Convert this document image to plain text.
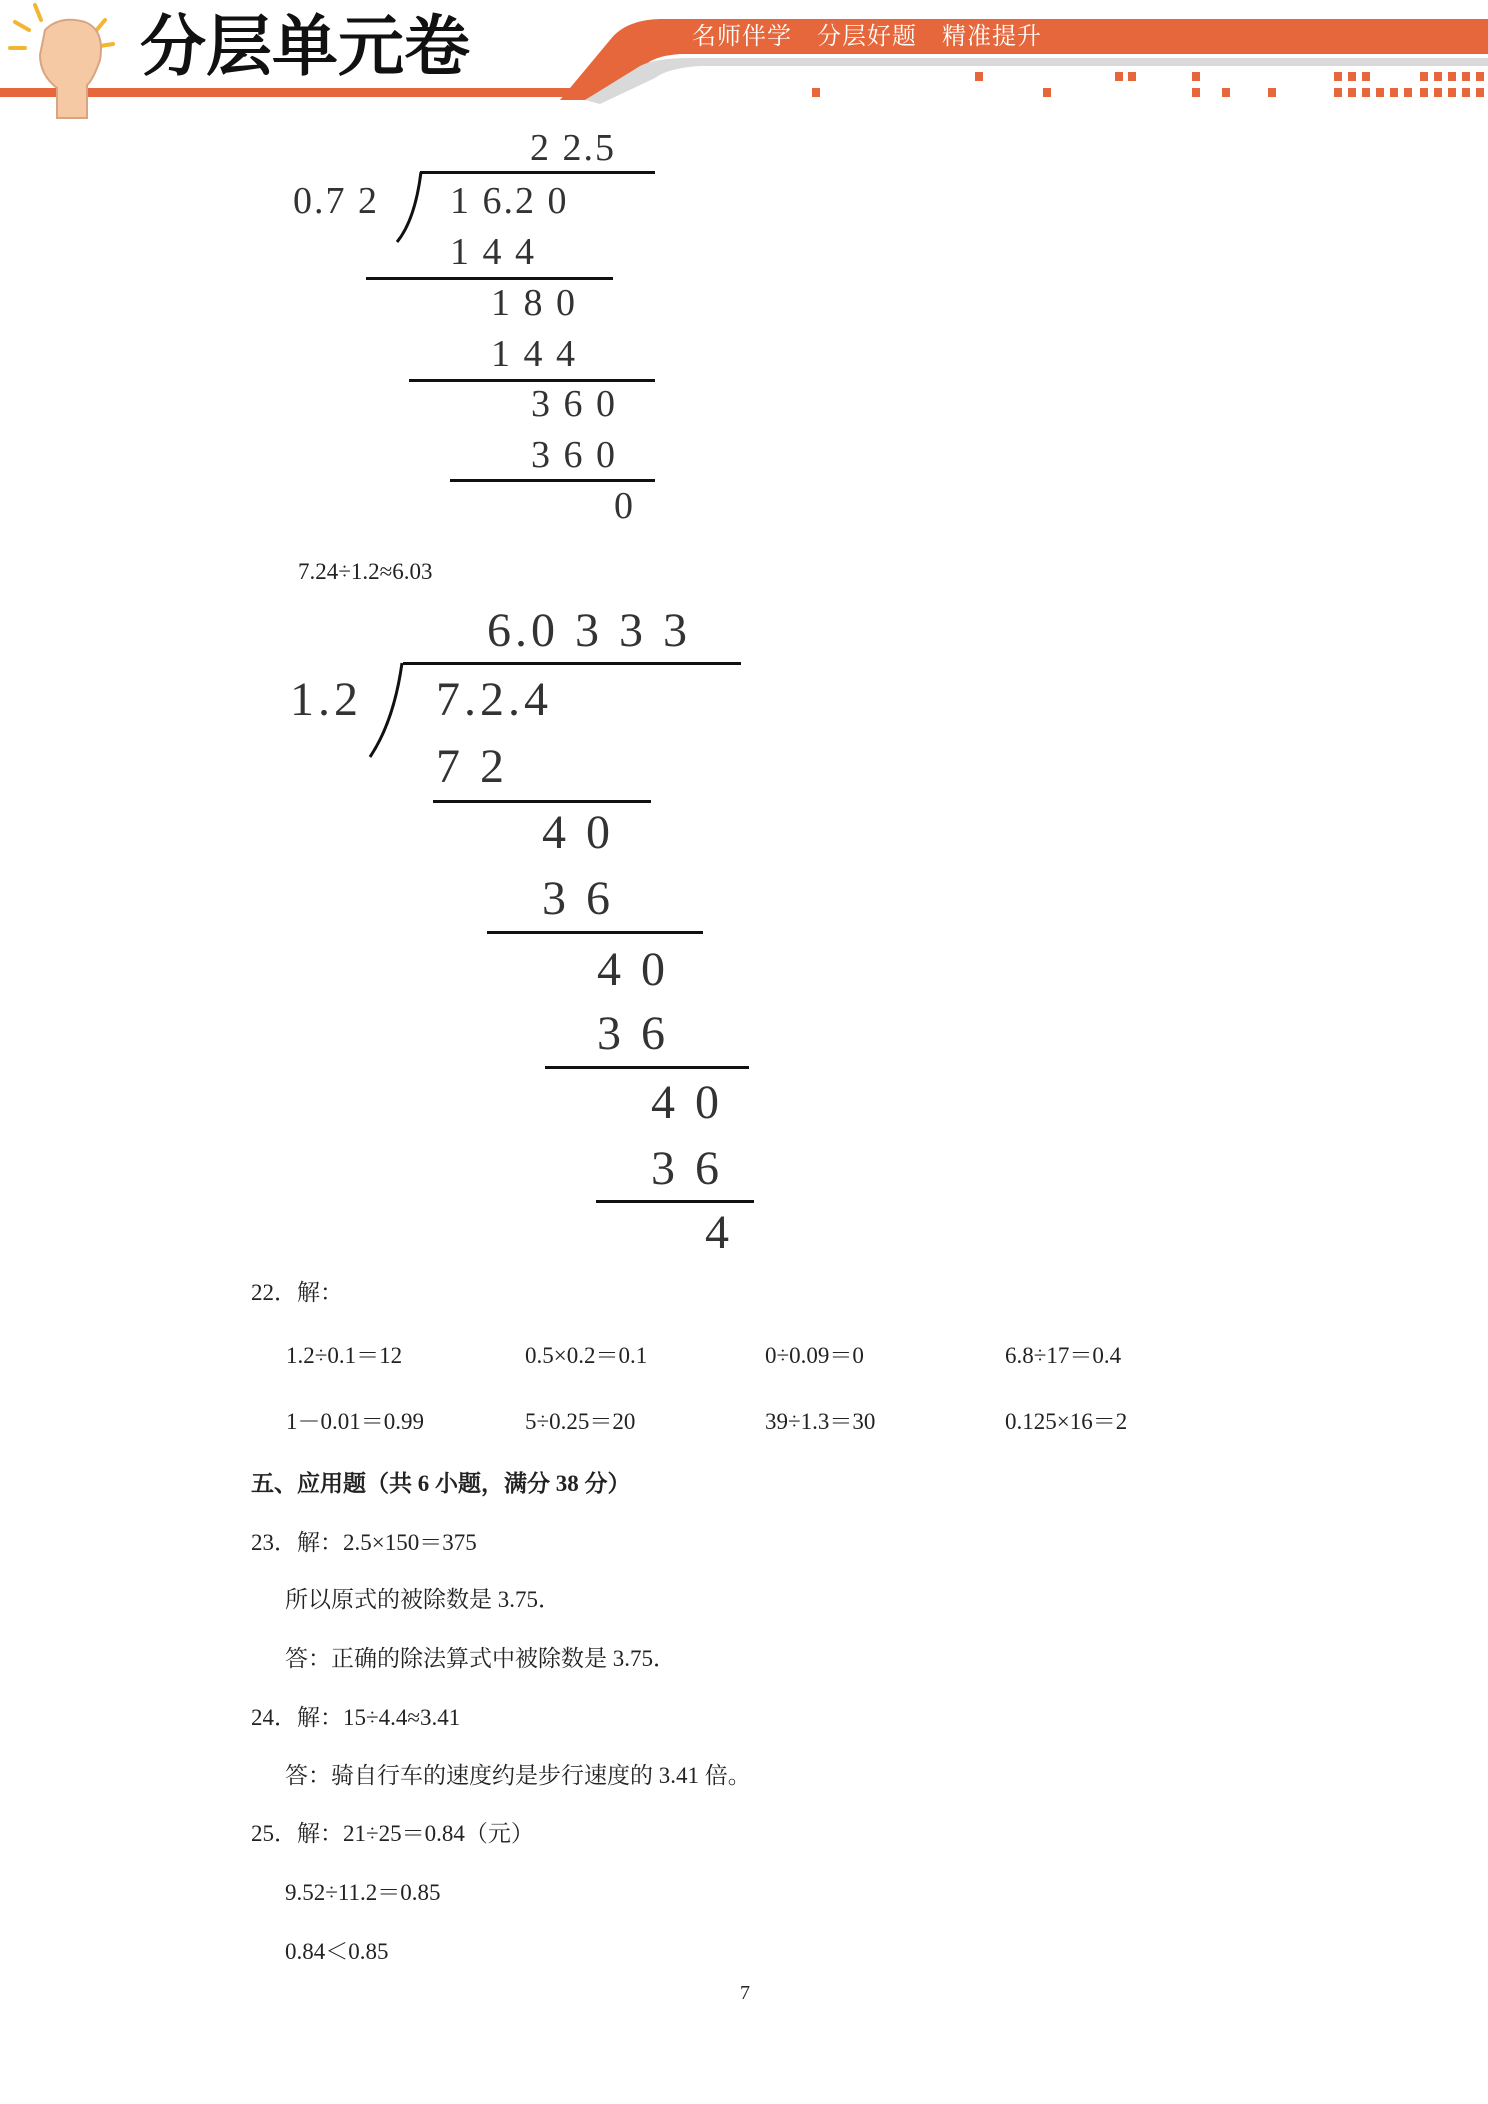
分层单元卷

	名师伴学　分层好题　精准提升

2 2.5
0.7 2 1 6.2 0
1 4 4
1 8 0
1 4 4
3 6 0
3 6 0
0
7.24÷1.2≈6.03
6.0 3 3 3
1.2 7.2.4
7 2
4 0
3 6
4 0
3 6
4 0
3 6
4
22．解：
1.2÷0.1＝12	0.5×0.2＝0.1	0÷0.09＝0	6.8÷17＝0.4
1－0.01＝0.99	5÷0.25＝20	39÷1.3＝30	0.125×16＝2
五、应用题（共 6 小题，满分 38 分）
23．解：2.5×150＝375
所以原式的被除数是 3.75．
答：正确的除法算式中被除数是 3.75．
24．解：15÷4.4≈3.41
答：骑自行车的速度约是步行速度的 3.41 倍。
25．解：21÷25＝0.84（元）
9.52÷11.2＝0.85
0.84＜0.85
7
